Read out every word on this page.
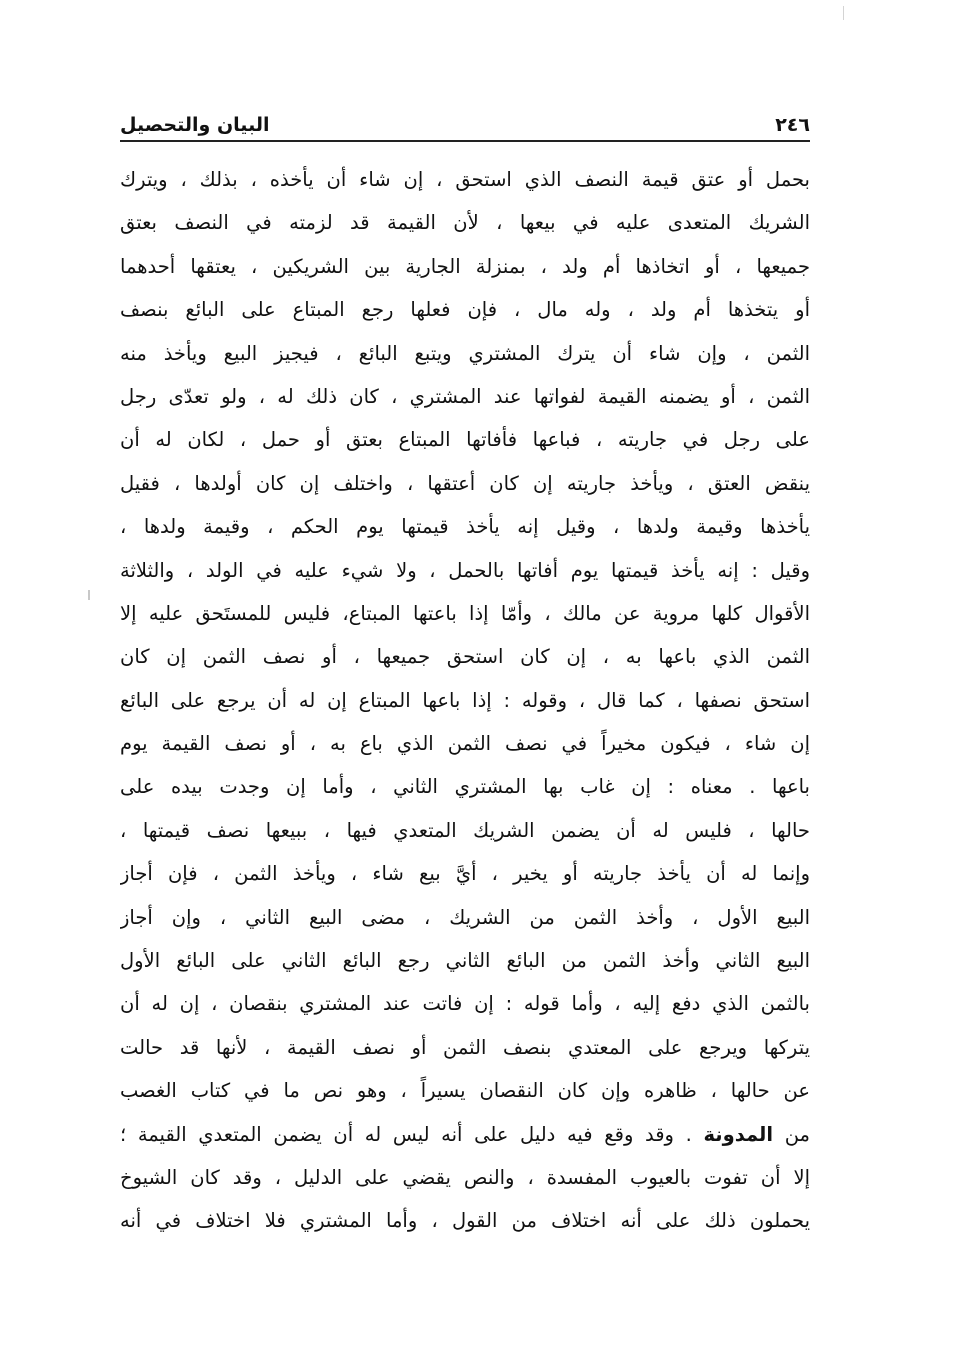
٢٤٦
البيان والتحصيل
بحمل أو عتق قيمة النصف الذي استحق ، إن شاء أن يأخذه ، بذلك ، ويترك
الشريك المتعدى عليه في بيعها ، لأن القيمة قد لزمته في النصف بعتق
جميعها ، أو اتخاذها أم ولد ، بمنزلة الجارية بين الشريكين ، يعتقها أحدهما
أو يتخذها أم ولد ، وله مال ، فإن فعلها رجع المبتاع على البائع بنصف
الثمن ، وإن شاء أن يترك المشتري ويتبع البائع ، فيجيز البيع ويأخذ منه
الثمن ، أو يضمنه القيمة لفواتها عند المشتري ، كان ذلك له ، ولو تعدّى رجل
على رجل في جاريته ، فباعها فأفاتها المبتاع بعتق أو حمل ، لكان له أن
ينقض العتق ، ويأخذ جاريته إن كان أعتقها ، واختلف إن كان أولدها ، فقيل
يأخذها وقيمة ولدها ، وقيل إنه يأخذ قيمتها يوم الحكم ، وقيمة ولدها ،
وقيل : إنه يأخذ قيمتها يوم أفاتها بالحمل ، ولا شيء عليه في الولد ، والثلاثة
الأقوال كلها مروية عن مالك ، وأمّا إذا باعتها المبتاع، فليس للمستَحق عليه إلا
الثمن الذي باعها به ، إن كان استحق جميعها ، أو نصف الثمن إن كان
استحق نصفها ، كما قال ، وقوله : إذا باعها المبتاع إن له أن يرجع على البائع
إن شاء ، فيكون مخيراً في نصف الثمن الذي باع به ، أو نصف القيمة يوم
باعها . معناه : إن غاب بها المشتري الثاني ، وأما إن وجدت بيده على
حالها ، فليس له أن يضمن الشريك المتعدي فيها ، ببيعها نصف قيمتها ،
وإنما له أن يأخذ جاريته أو يخير ، أيَّ بيع شاء ، ويأخذ الثمن ، فإن أجاز
البيع الأول ، وأخذ الثمن من الشريك ، مضى البيع الثاني ، وإن أجاز
البيع الثاني وأخذ الثمن من البائع الثاني رجع البائع الثاني على البائع الأول
بالثمن الذي دفع إليه ، وأما قوله : إن فاتت عند المشتري بنقصان ، إن له أن
يتركها ويرجع على المعتدي بنصف الثمن أو نصف القيمة ، لأنها قد حالت
عن حالها ، ظاهره وإن كان النقصان يسيراً ، وهو نص ما في كتاب الغصب
من المدونة . وقد وقع فيه دليل على أنه ليس له أن يضمن المتعدي القيمة ؛
إلا أن تفوت بالعيوب المفسدة ، والنص يقضي على الدليل ، وقد كان الشيوخ
يحملون ذلك على أنه اختلاف من القول ، وأما المشتري فلا اختلاف في أنه
